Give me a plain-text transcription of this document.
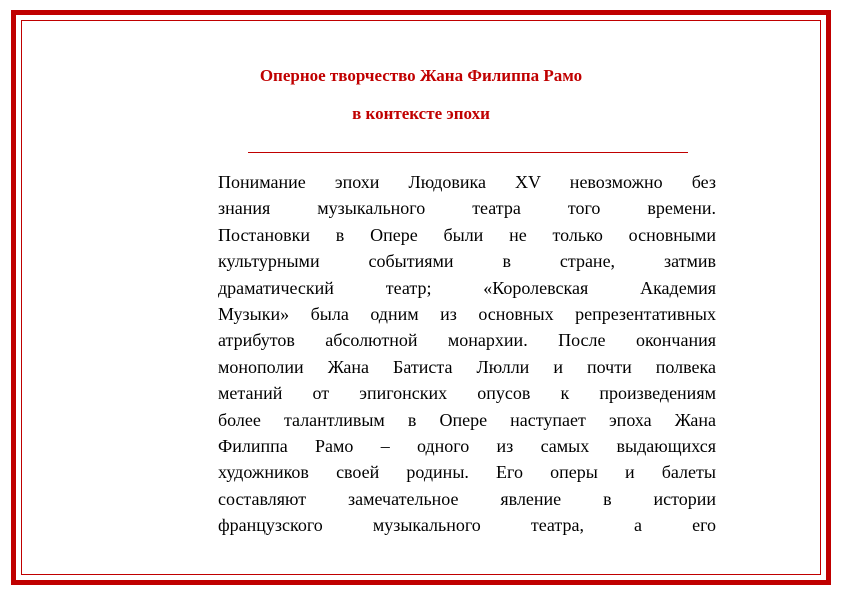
Оперное творчество Жана Филиппа Рамо
в контексте эпохи
Понимание эпохи Людовика XV невозможно без
знания музыкального театра того времени.
Постановки в Опере были не только основными
культурными событиями в стране, затмив
драматический театр; «Королевская Академия
Музыки» была одним из основных репрезентативных
атрибутов абсолютной монархии. После окончания
монополии Жана Батиста Люлли и почти полвека
метаний от эпигонских опусов к произведениям
более талантливым в Опере наступает эпоха Жана
Филиппа Рамо – одного из самых выдающихся
художников своей родины. Его оперы и балеты
составляют замечательное явление в истории
французского музыкального театра, а его
